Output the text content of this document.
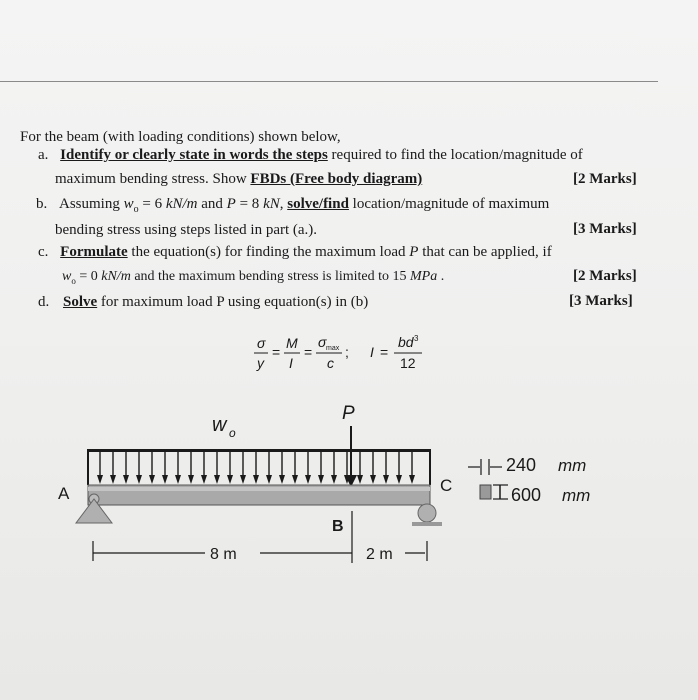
For the beam (with loading conditions) shown below,
a. Identify or clearly state in words the steps required to find the location/magnitude of
maximum bending stress. Show FBDs (Free body diagram)	[2 Marks]
b. Assuming $w_o = 6$ kN/m and P = 8 kN, solve/find location/magnitude of maximum
bending stress using steps listed in part (a.).	[3 Marks]
c. Formulate the equation(s) for finding the maximum load P that can be applied, if
$w_o = 0$ kN/m and the maximum bending stress is limited to 15 MPa .	[2 Marks]
d. Solve for maximum load P using equation(s) in (b)	[3 Marks]
σ
y
=
M
I
=
σ max
c
; I =
bd 3
12
w o
P
A	C
B
8 m	2 m
240 mm
600 mm
